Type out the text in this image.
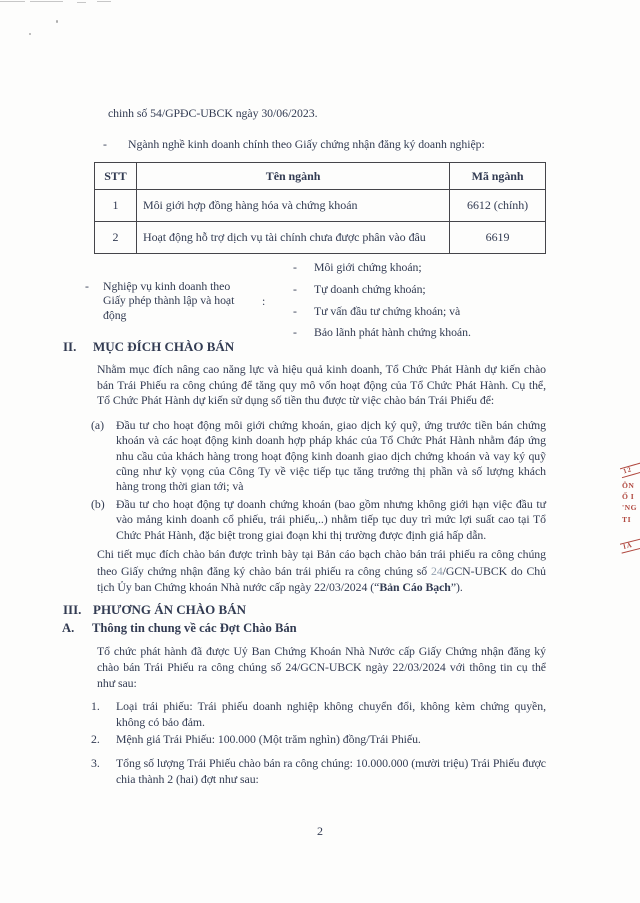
chinh số 54/GPĐC-UBCK ngày 30/06/2023.
-	Ngành nghề kinh doanh chính theo Giấy chứng nhận đăng ký doanh nghiệp:
STT	Tên ngành	Mã ngành
1	Môi giới hợp đồng hàng hóa và chứng khoán	6612 (chính)
2	Hoạt động hỗ trợ dịch vụ tài chính chưa được phân vào đâu	6619
-	Nghiệp vụ kinh doanh theo Giấy phép thành lập và hoạt động
:
-	Môi giới chứng khoán;
-	Tự doanh chứng khoán;
-	Tư vấn đầu tư chứng khoán; và
-	Bảo lãnh phát hành chứng khoán.
II.	MỤC ĐÍCH CHÀO BÁN
Nhằm mục đích nâng cao năng lực và hiệu quả kinh doanh, Tổ Chức Phát Hành dự kiến chào bán Trái Phiếu ra công chúng để tăng quy mô vốn hoạt động của Tổ Chức Phát Hành. Cụ thể, Tổ Chức Phát Hành dự kiến sử dụng số tiền thu được từ việc chào bán Trái Phiếu để:
(a) Đầu tư cho hoạt động môi giới chứng khoán, giao dịch ký quỹ, ứng trước tiền bán chứng khoán và các hoạt động kinh doanh hợp pháp khác của Tổ Chức Phát Hành nhằm đáp ứng nhu cầu của khách hàng trong hoạt động kinh doanh giao dịch chứng khoán và vay ký quỹ cũng như kỳ vọng của Công Ty về việc tiếp tục tăng trưởng thị phần và số lượng khách hàng trong thời gian tới; và
(b) Đầu tư cho hoạt động tự doanh chứng khoán (bao gồm nhưng không giới hạn việc đầu tư vào mảng kinh doanh cổ phiếu, trái phiếu,..) nhằm tiếp tục duy trì mức lợi suất cao tại Tổ Chức Phát Hành, đặc biệt trong giai đoạn khi thị trường được định giá hấp dẫn.
Chi tiết mục đích chào bán được trình bày tại Bản cáo bạch chào bán trái phiếu ra công chúng theo Giấy chứng nhận đăng ký chào bán trái phiếu ra công chúng số 24/GCN-UBCK do Chủ tịch Ủy ban Chứng khoán Nhà nước cấp ngày 22/03/2024 (“Bản Cáo Bạch”).
III. PHƯƠNG ÁN CHÀO BÁN
A.	Thông tin chung về các Đợt Chào Bán
Tổ chức phát hành đã được Uỷ Ban Chứng Khoán Nhà Nước cấp Giấy Chứng nhận đăng ký chào bán Trái Phiếu ra công chúng số 24/GCN-UBCK ngày 22/03/2024 với thông tin cụ thể như sau:
1. Loại trái phiếu: Trái phiếu doanh nghiệp không chuyển đổi, không kèm chứng quyền, không có bảo đảm.
2. Mệnh giá Trái Phiếu: 100.000 (Một trăm nghìn) đồng/Trái Phiếu.
3. Tổng số lượng Trái Phiếu chào bán ra công chúng: 10.000.000 (mười triệu) Trái Phiếu được chia thành 2 (hai) đợt như sau:
2
12
ÔN
Ổ I
'NG
TI
IÃ
